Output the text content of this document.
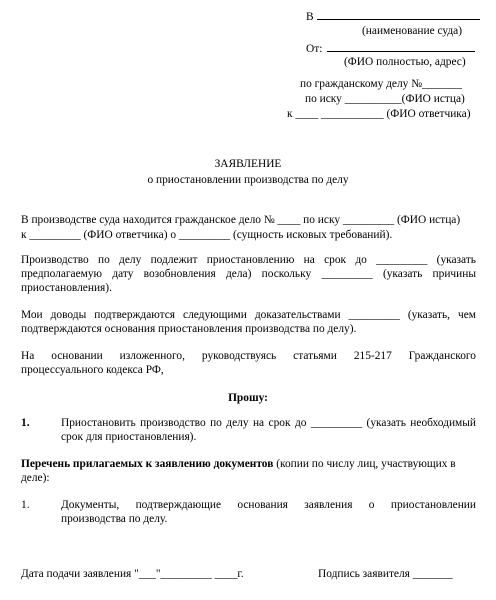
В
(наименование суда)
От:
(ФИО полностью, адрес)
по гражданскому делу №_______
по иску __________(ФИО истца)
к ____ ___________ (ФИО ответчика)
ЗАЯВЛЕНИЕ
о приостановлении производства по делу
В производстве суда находится гражданское дело № ____ по иску _________ (ФИО истца)
к _________ (ФИО ответчика) о _________ (сущность исковых требований).
Производство по делу подлежит приостановлению на срок до _________ (указать предполагаемую дату возобновления дела) поскольку _________ (указать причины приостановления).
Мои доводы подтверждаются следующими доказательствами _________ (указать, чем подтверждаются основания приостановления производства по делу).
На основании изложенного, руководствуясь статьями 215-217 Гражданского процессуального кодекса РФ,
Прошу:
1.	Приостановить производство по делу на срок до _________ (указать необходимый срок для приостановления).
Перечень прилагаемых к заявлению документов (копии по числу лиц, участвующих в деле):
1.	Документы, подтверждающие основания заявления о приостановлении производства по делу.
Дата подачи заявления "___"_________ ____г.	Подпись заявителя _______
